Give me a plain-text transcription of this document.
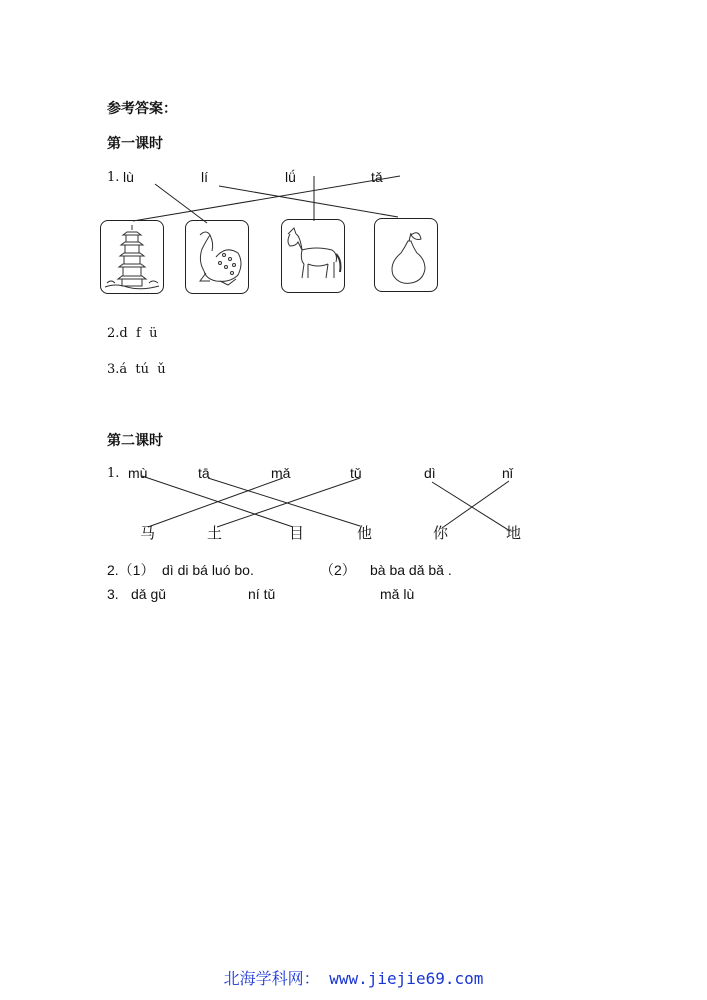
参考答案：
第一课时
1. lù	lí	lǘ	tǎ
2.d  f  ü
3.á  tú  ǔ
第二课时
1. mù	tā	mǎ	tǔ	dì	nǐ
马	土	目	他	你	地
2.（1） dì di bá luó bo.	（2） bà ba dǎ bǎ .
3. dǎ gǔ	ní tǔ	mǎ lù
北海学科网： www.jiejie69.com
